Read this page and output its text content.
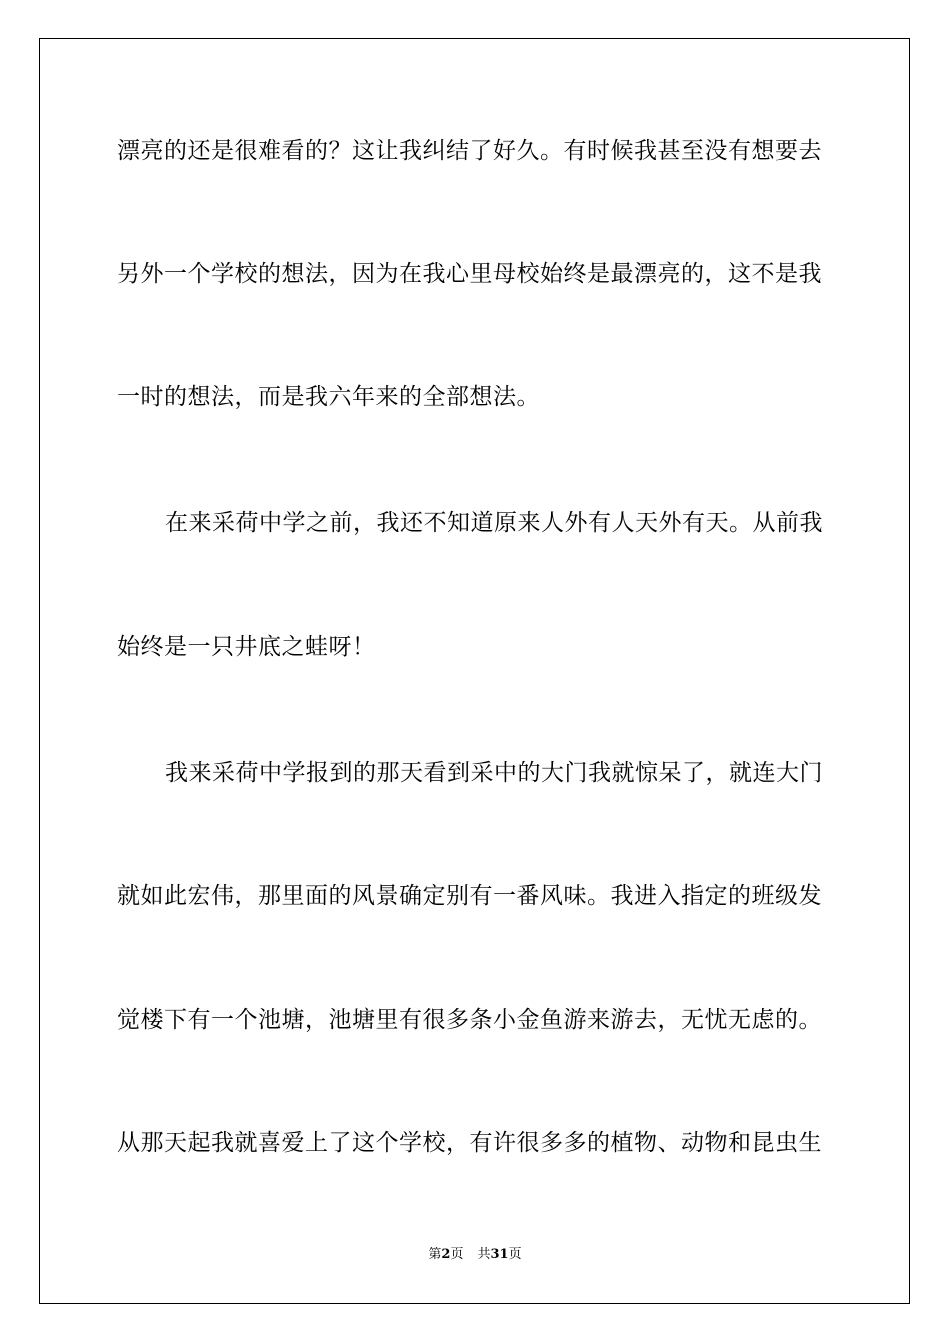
漂亮的还是很难看的？这让我纠结了好久。有时候我甚至没有想要去
另外一个学校的想法，因为在我心里母校始终是最漂亮的，这不是我
一时的想法，而是我六年来的全部想法。
在来采荷中学之前，我还不知道原来人外有人天外有天。从前我
始终是一只井底之蛙呀！
我来采荷中学报到的那天看到采中的大门我就惊呆了，就连大门
就如此宏伟，那里面的风景确定别有一番风味。我进入指定的班级发
觉楼下有一个池塘，池塘里有很多条小金鱼游来游去，无忧无虑的。
从那天起我就喜爱上了这个学校，有许很多多的植物、动物和昆虫生
第2页 共31页
